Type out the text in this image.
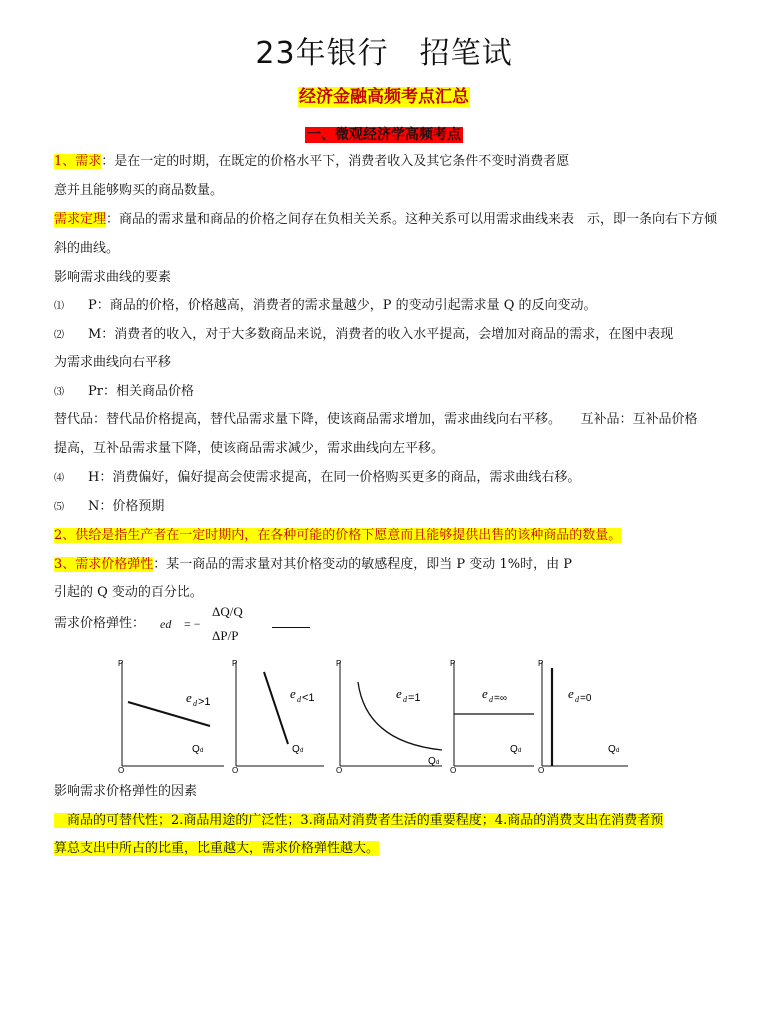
23年银行　招笔试
经济金融高频考点汇总
一、微观经济学高频考点
1、需求：是在一定的时期，在既定的价格水平下，消费者收入及其它条件不变时消费者愿
意并且能够购买的商品数量。
需求定理：商品的需求量和商品的价格之间存在负相关关系。这种关系可以用需求曲线来表　示，即一条向右下方倾
斜的曲线。
影响需求曲线的要素
⑴ P：商品的价格，价格越高，消费者的需求量越少，P 的变动引起需求量 Q 的反向变动。
⑵ M：消费者的收入，对于大多数商品来说，消费者的收入水平提高，会增加对商品的需求，在图中表现
为需求曲线向右平移
⑶ Pr：相关商品价格
替代品：替代品价格提高，替代品需求量下降，使该商品需求增加，需求曲线向右平移。　　互补品：互补品价格
提高，互补品需求量下降，使该商品需求减少，需求曲线向左平移。
⑷ H：消费偏好，偏好提高会使需求提高，在同一价格购买更多的商品，需求曲线右移。
⑸ N：价格预期
2、供给是指生产者在一定时期内，在各种可能的价格下愿意而且能够提供出售的该种商品的数量。
3、需求价格弹性：某一商品的需求量对其价格变动的敏感程度，即当 P 变动 1%时，由 P
引起的 Q 变动的百分比。
需求价格弹性： ed = −
ΔQ/Q
ΔP/P
P
O
e d >1
Q d
P
O
e d <1
Q d
P
O
e d =1
Q d
P
O
e d =∞
Q d
P
O
e d =0
Q d
影响需求价格弹性的因素
　商品的可替代性；2.商品用途的广泛性；3.商品对消费者生活的重要程度；4.商品的消费支出在消费者预
算总支出中所占的比重，比重越大，需求价格弹性越大。
